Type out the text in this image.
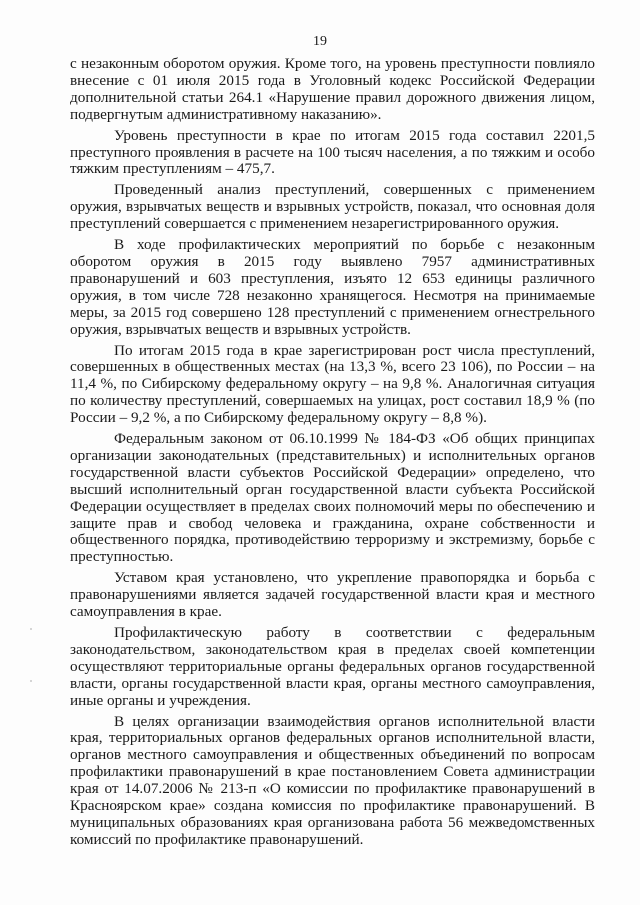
19

с незаконным оборотом оружия. Кроме того, на уровень преступности повлияло внесение с 01 июля 2015 года в Уголовный кодекс Российской Федерации дополнительной статьи 264.1 «Нарушение правил дорожного движения лицом, подвергнутым административному наказанию».

Уровень преступности в крае по итогам 2015 года составил 2201,5 преступного проявления в расчете на 100 тысяч населения, а по тяжким и особо тяжким преступлениям – 475,7.

Проведенный анализ преступлений, совершенных с применением оружия, взрывчатых веществ и взрывных устройств, показал, что основная доля преступлений совершается с применением незарегистрированного оружия.

В ходе профилактических мероприятий по борьбе с незаконным оборотом оружия в 2015 году выявлено 7957 административных правонарушений и 603 преступления, изъято 12 653 единицы различного оружия, в том числе 728 незаконно хранящегося. Несмотря на принимаемые меры, за 2015 год совершено 128 преступлений с применением огнестрельного оружия, взрывчатых веществ и взрывных устройств.

По итогам 2015 года в крае зарегистрирован рост числа преступлений, совершенных в общественных местах (на 13,3 %, всего 23 106), по России – на 11,4 %, по Сибирскому федеральному округу – на 9,8 %. Аналогичная ситуация по количеству преступлений, совершаемых на улицах, рост составил 18,9 % (по России – 9,2 %, а по Сибирскому федеральному округу – 8,8 %).

Федеральным законом от 06.10.1999 № 184-ФЗ «Об общих принципах организации законодательных (представительных) и исполнительных органов государственной власти субъектов Российской Федерации» определено, что высший исполнительный орган государственной власти субъекта Российской Федерации осуществляет в пределах своих полномочий меры по обеспечению и защите прав и свобод человека и гражданина, охране собственности и общественного порядка, противодействию терроризму и экстремизму, борьбе с преступностью.

Уставом края установлено, что укрепление правопорядка и борьба с правонарушениями является задачей государственной власти края и местного самоуправления в крае.

Профилактическую работу в соответствии с федеральным законодательством, законодательством края в пределах своей компетенции осуществляют территориальные органы федеральных органов государственной власти, органы государственной власти края, органы местного самоуправления, иные органы и учреждения.

В целях организации взаимодействия органов исполнительной власти края, территориальных органов федеральных органов исполнительной власти, органов местного самоуправления и общественных объединений по вопросам профилактики правонарушений в крае постановлением Совета администрации края от 14.07.2006 № 213-п «О комиссии по профилактике правонарушений в Красноярском крае» создана комиссия по профилактике правонарушений. В муниципальных образованиях края организована работа 56 межведомственных комиссий по профилактике правонарушений.
